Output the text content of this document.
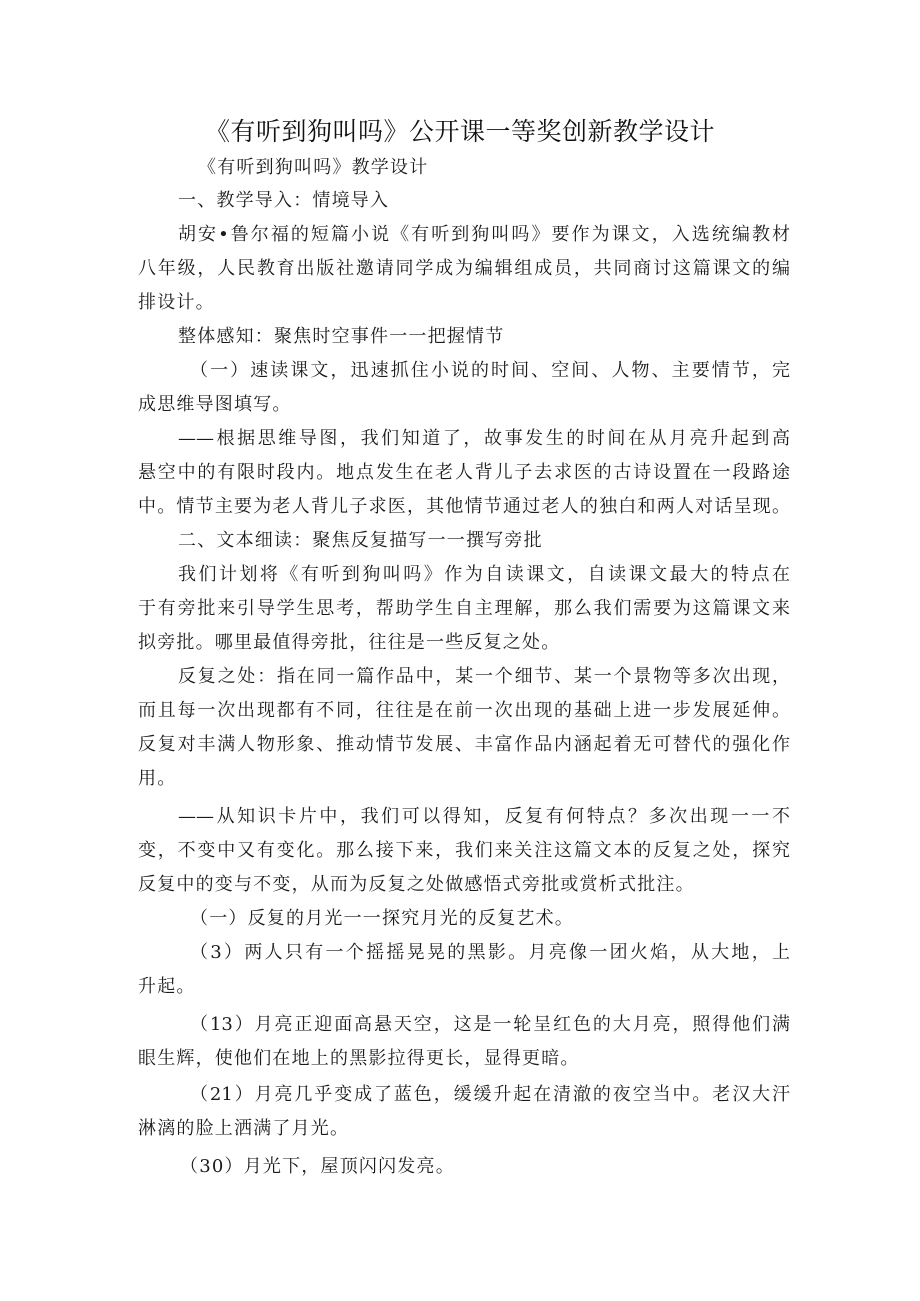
《有听到狗叫吗》公开课一等奖创新教学设计
《有听到狗叫吗》教学设计
一、教学导入：情境导入
胡安•鲁尔福的短篇小说《有听到狗叫吗》要作为课文，入选统编教材
八年级，人民教育出版社邀请同学成为编辑组成员，共同商讨这篇课文的编
排设计。
整体感知：聚焦时空事件一一把握情节
（一）速读课文，迅速抓住小说的时间、空间、人物、主要情节，完
成思维导图填写。
——根据思维导图，我们知道了，故事发生的时间在从月亮升起到高
悬空中的有限时段内。地点发生在老人背儿子去求医的古诗设置在一段路途
中。情节主要为老人背儿子求医，其他情节通过老人的独白和两人对话呈现。
二、文本细读：聚焦反复描写一一撰写旁批
我们计划将《有听到狗叫吗》作为自读课文，自读课文最大的特点在
于有旁批来引导学生思考，帮助学生自主理解，那么我们需要为这篇课文来
拟旁批。哪里最值得旁批，往往是一些反复之处。
反复之处：指在同一篇作品中，某一个细节、某一个景物等多次出现，
而且每一次出现都有不同，往往是在前一次出现的基础上进一步发展延伸。
反复对丰满人物形象、推动情节发展、丰富作品内涵起着无可替代的强化作
用。
——从知识卡片中，我们可以得知，反复有何特点？多次出现一一不
变，不变中又有变化。那么接下来，我们来关注这篇文本的反复之处，探究
反复中的变与不变，从而为反复之处做感悟式旁批或赏析式批注。
（一）反复的月光一一探究月光的反复艺术。
（3）两人只有一个摇摇晃晃的黑影。月亮像一团火焰，从大地，上
升起。
（13）月亮正迎面高悬天空，这是一轮呈红色的大月亮，照得他们满
眼生辉，使他们在地上的黑影拉得更长，显得更暗。
（21）月亮几乎变成了蓝色，缓缓升起在清澈的夜空当中。老汉大汗
淋漓的脸上洒满了月光。
（30）月光下，屋顶闪闪发亮。
